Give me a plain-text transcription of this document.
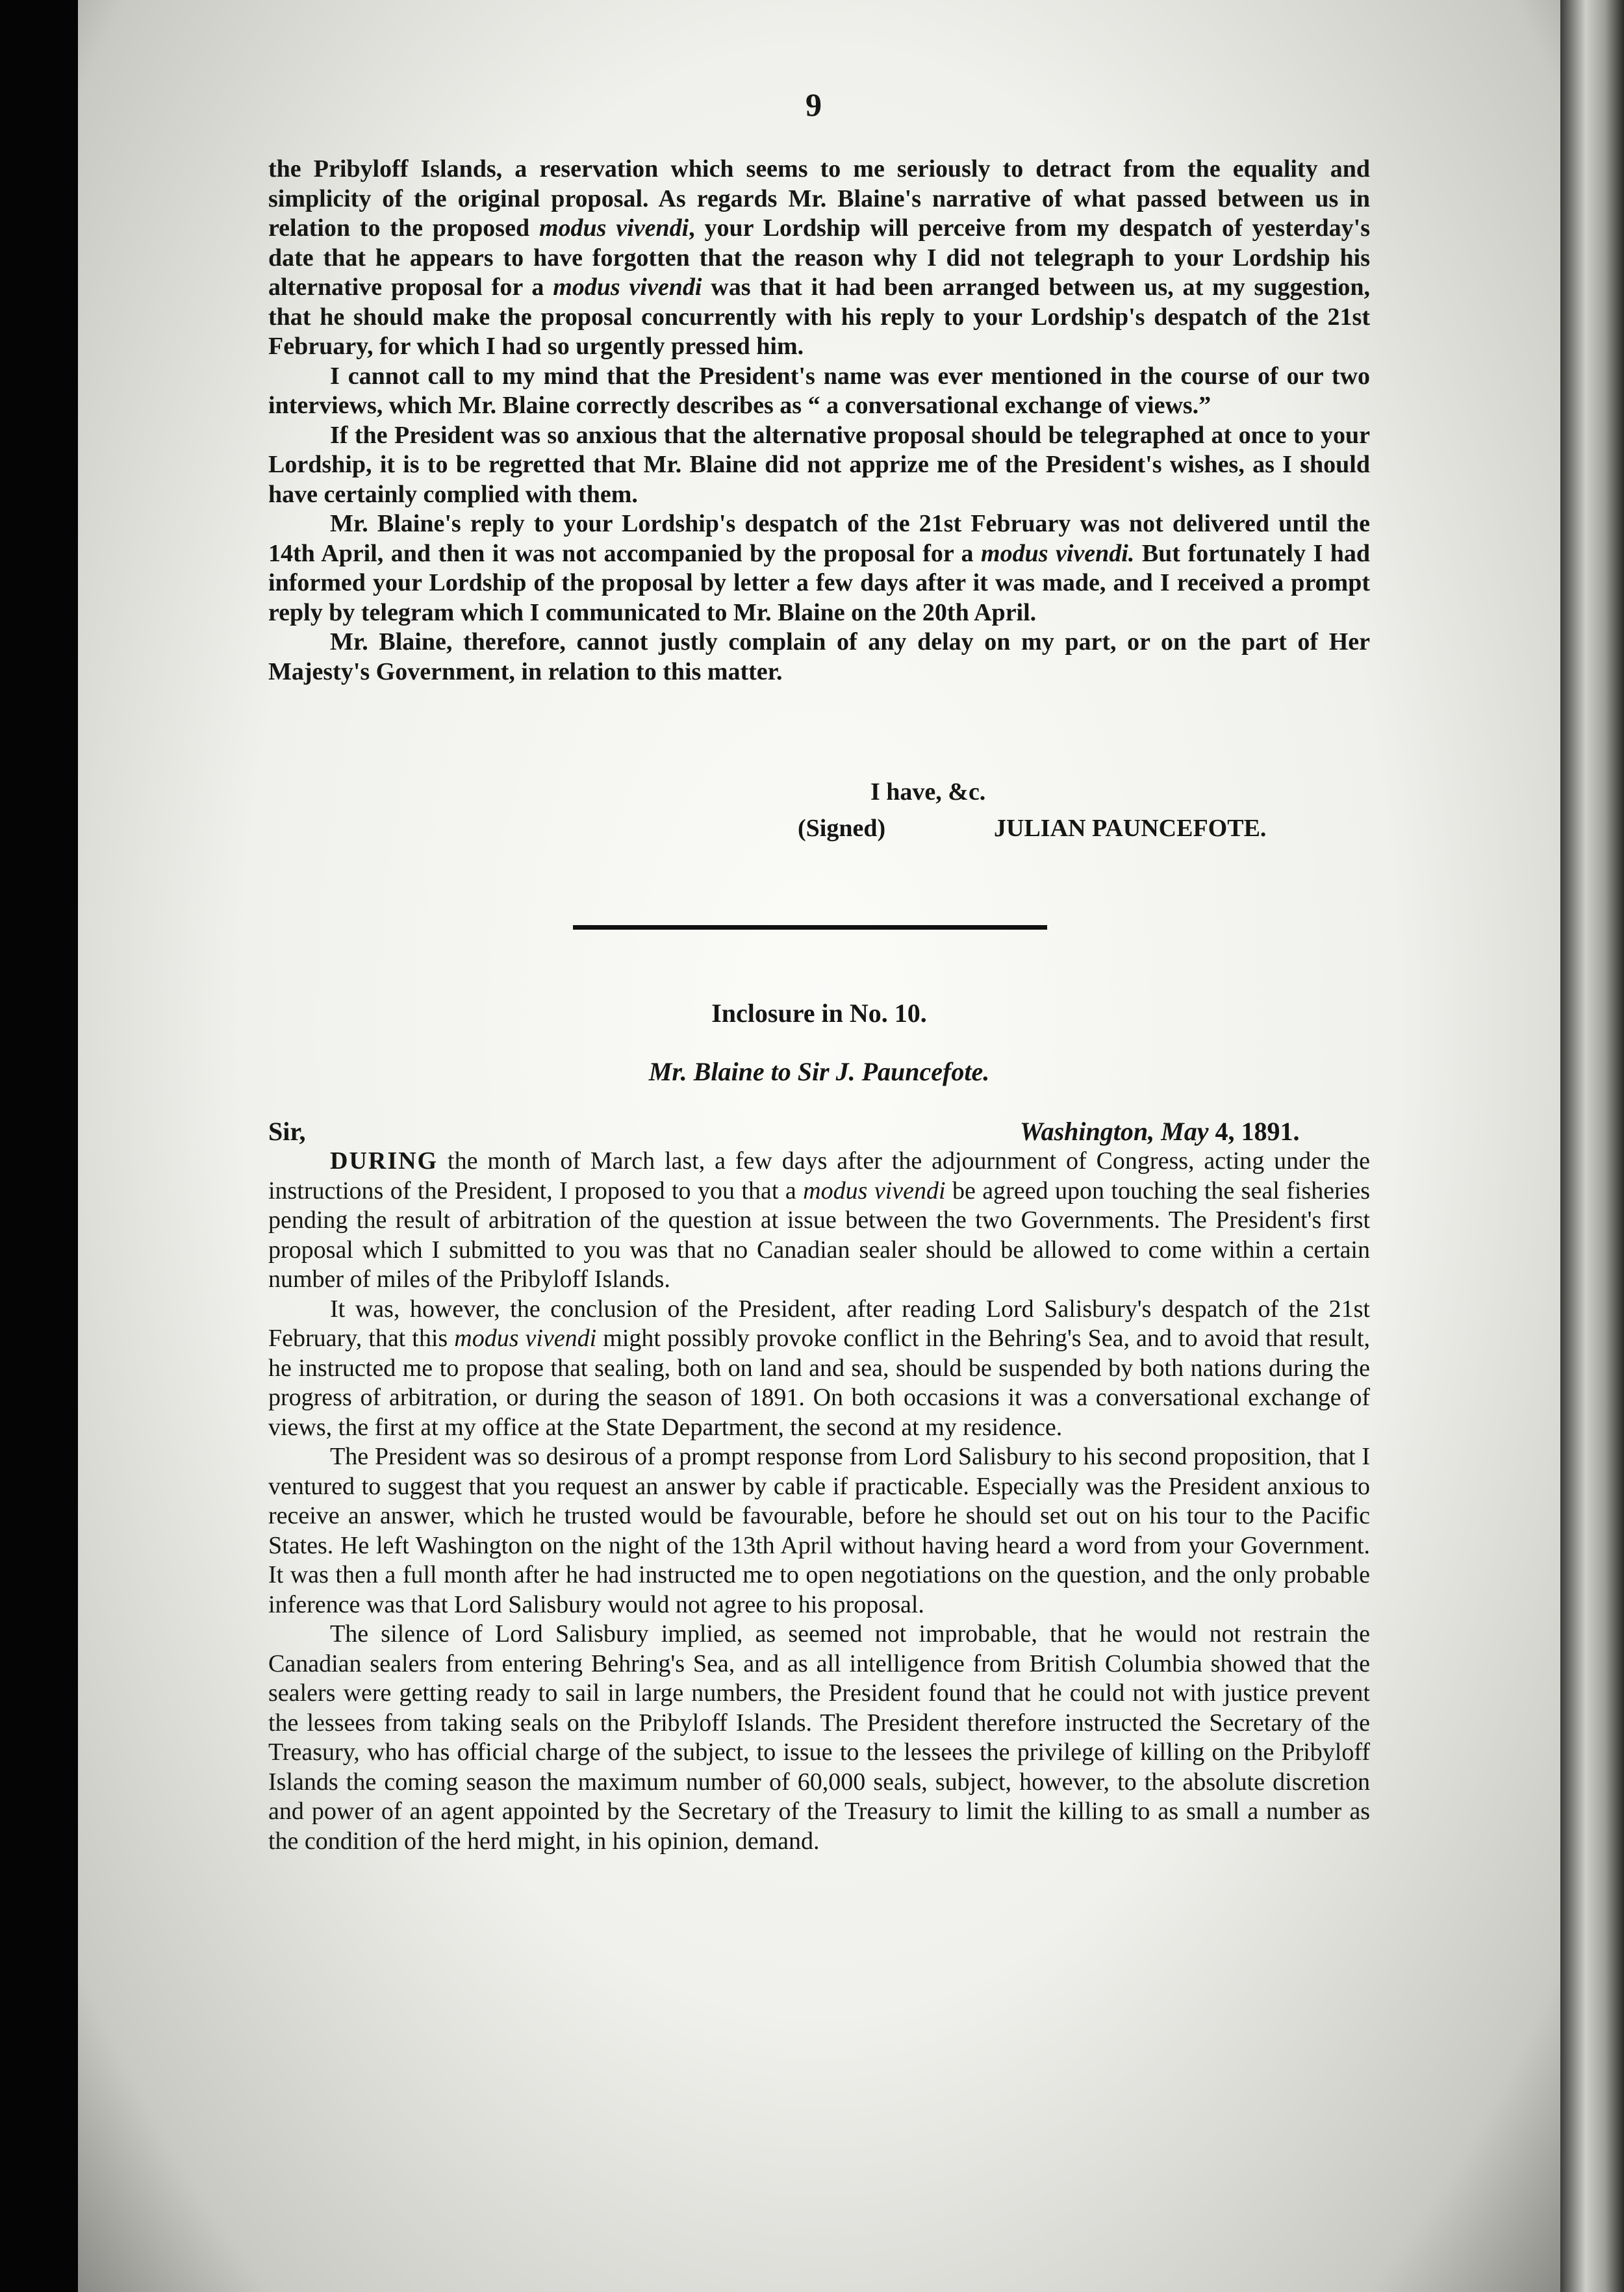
9

the Pribyloff Islands, a reservation which seems to me seriously to detract from the equality and simplicity of the original proposal. As regards Mr. Blaine's narrative of what passed between us in relation to the proposed modus vivendi, your Lordship will perceive from my despatch of yesterday's date that he appears to have forgotten that the reason why I did not telegraph to your Lordship his alternative proposal for a modus vivendi was that it had been arranged between us, at my suggestion, that he should make the proposal concurrently with his reply to your Lordship's despatch of the 21st February, for which I had so urgently pressed him.

I cannot call to my mind that the President's name was ever mentioned in the course of our two interviews, which Mr. Blaine correctly describes as “ a conversational exchange of views.”

If the President was so anxious that the alternative proposal should be telegraphed at once to your Lordship, it is to be regretted that Mr. Blaine did not apprize me of the President's wishes, as I should have certainly complied with them.

Mr. Blaine's reply to your Lordship's despatch of the 21st February was not delivered until the 14th April, and then it was not accompanied by the proposal for a modus vivendi. But fortunately I had informed your Lordship of the proposal by letter a few days after it was made, and I received a prompt reply by telegram which I communicated to Mr. Blaine on the 20th April.

Mr. Blaine, therefore, cannot justly complain of any delay on my part, or on the part of Her Majesty's Government, in relation to this matter.

I have, &c.
(Signed)	JULIAN PAUNCEFOTE.
Inclosure in No. 10.
Mr. Blaine to Sir J. Pauncefote.
Sir,	Washington, May 4, 1891.

DURING the month of March last, a few days after the adjournment of Congress, acting under the instructions of the President, I proposed to you that a modus vivendi be agreed upon touching the seal fisheries pending the result of arbitration of the question at issue between the two Governments. The President's first proposal which I submitted to you was that no Canadian sealer should be allowed to come within a certain number of miles of the Pribyloff Islands.

It was, however, the conclusion of the President, after reading Lord Salisbury's despatch of the 21st February, that this modus vivendi might possibly provoke conflict in the Behring's Sea, and to avoid that result, he instructed me to propose that sealing, both on land and sea, should be suspended by both nations during the progress of arbitration, or during the season of 1891. On both occasions it was a conversational exchange of views, the first at my office at the State Department, the second at my residence.

The President was so desirous of a prompt response from Lord Salisbury to his second proposition, that I ventured to suggest that you request an answer by cable if practicable. Especially was the President anxious to receive an answer, which he trusted would be favourable, before he should set out on his tour to the Pacific States. He left Washington on the night of the 13th April without having heard a word from your Government. It was then a full month after he had instructed me to open negotiations on the question, and the only probable inference was that Lord Salisbury would not agree to his proposal.

The silence of Lord Salisbury implied, as seemed not improbable, that he would not restrain the Canadian sealers from entering Behring's Sea, and as all intelligence from British Columbia showed that the sealers were getting ready to sail in large numbers, the President found that he could not with justice prevent the lessees from taking seals on the Pribyloff Islands. The President therefore instructed the Secretary of the Treasury, who has official charge of the subject, to issue to the lessees the privilege of killing on the Pribyloff Islands the coming season the maximum number of 60,000 seals, subject, however, to the absolute discretion and power of an agent appointed by the Secretary of the Treasury to limit the killing to as small a number as the condition of the herd might, in his opinion, demand.
